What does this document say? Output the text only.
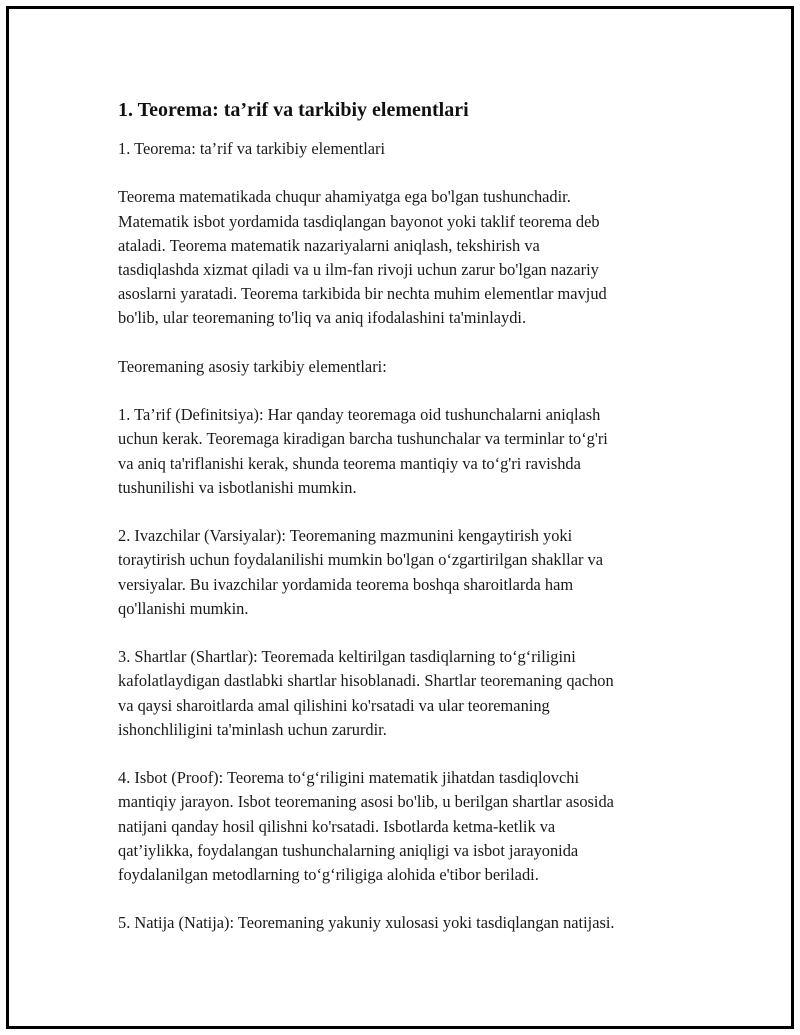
1. Teorema: ta’rif va tarkibiy elementlari
1. Teorema: ta’rif va tarkibiy elementlari
Teorema matematikada chuqur ahamiyatga ega bo'lgan tushunchadir.
Matematik isbot yordamida tasdiqlangan bayonot yoki taklif teorema deb
ataladi. Teorema matematik nazariyalarni aniqlash, tekshirish va
tasdiqlashda xizmat qiladi va u ilm-fan rivoji uchun zarur bo'lgan nazariy
asoslarni yaratadi. Teorema tarkibida bir nechta muhim elementlar mavjud
bo'lib, ular teoremaning to'liq va aniq ifodalashini ta'minlaydi.
Teoremaning asosiy tarkibiy elementlari:
1. Ta’rif (Definitsiya): Har qanday teoremaga oid tushunchalarni aniqlash
uchun kerak. Teoremaga kiradigan barcha tushunchalar va terminlar to‘g'ri
va aniq ta'riflanishi kerak, shunda teorema mantiqiy va to‘g'ri ravishda
tushunilishi va isbotlanishi mumkin.
2. Ivazchilar (Varsiyalar): Teoremaning mazmunini kengaytirish yoki
toraytirish uchun foydalanilishi mumkin bo'lgan o‘zgartirilgan shakllar va
versiyalar. Bu ivazchilar yordamida teorema boshqa sharoitlarda ham
qo'llanishi mumkin.
3. Shartlar (Shartlar): Teoremada keltirilgan tasdiqlarning to‘g‘riligini
kafolatlaydigan dastlabki shartlar hisoblanadi. Shartlar teoremaning qachon
va qaysi sharoitlarda amal qilishini ko'rsatadi va ular teoremaning
ishonchliligini ta'minlash uchun zarurdir.
4. Isbot (Proof): Teorema to‘g‘riligini matematik jihatdan tasdiqlovchi
mantiqiy jarayon. Isbot teoremaning asosi bo'lib, u berilgan shartlar asosida
natijani qanday hosil qilishni ko'rsatadi. Isbotlarda ketma-ketlik va
qat’iylikka, foydalangan tushunchalarning aniqligi va isbot jarayonida
foydalanilgan metodlarning to‘g‘riligiga alohida e'tibor beriladi.
5. Natija (Natija): Teoremaning yakuniy xulosasi yoki tasdiqlangan natijasi.
